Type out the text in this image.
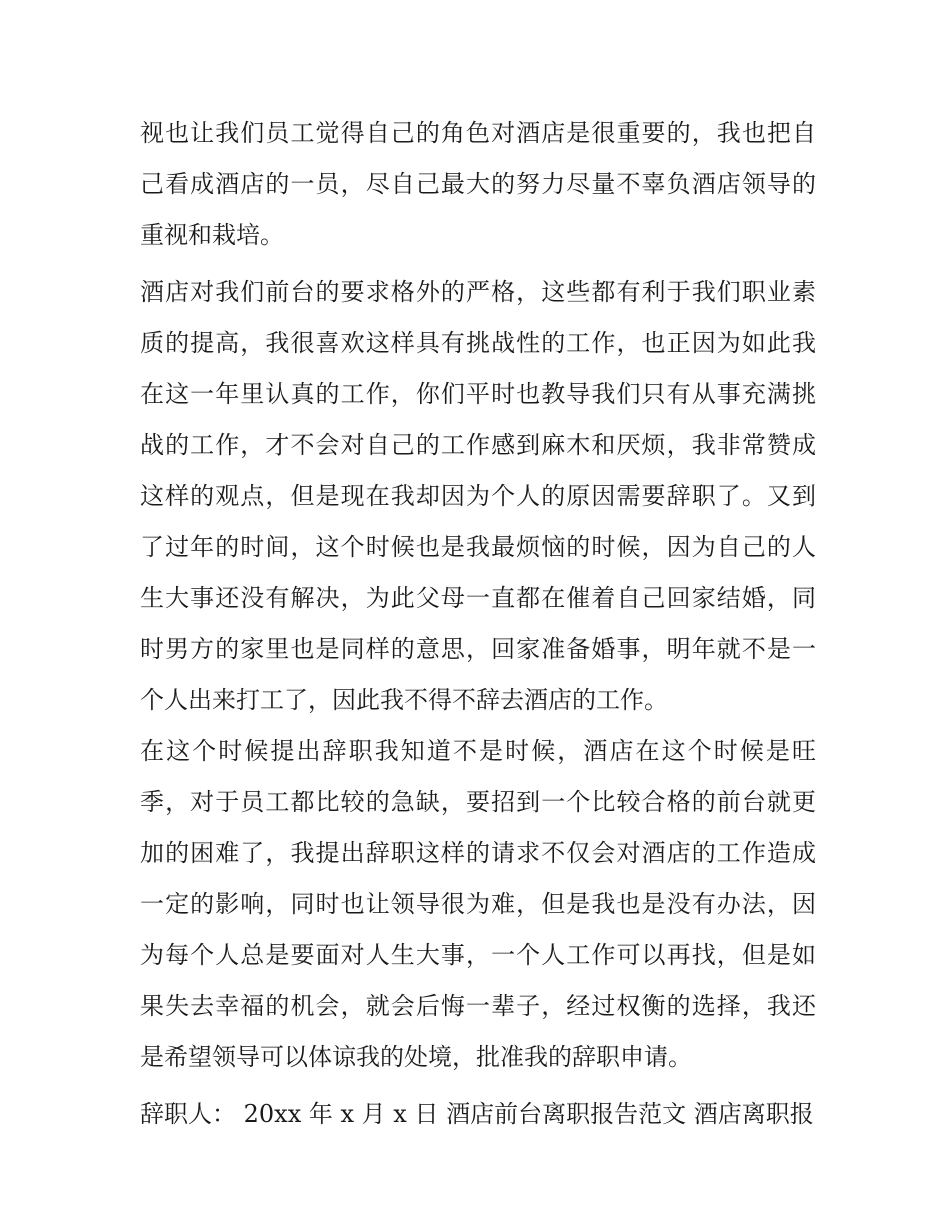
视也让我们员工觉得自己的角色对酒店是很重要的，我也把自
己看成酒店的一员，尽自己最大的努力尽量不辜负酒店领导的
重视和栽培。
酒店对我们前台的要求格外的严格，这些都有利于我们职业素
质的提高，我很喜欢这样具有挑战性的工作，也正因为如此我
在这一年里认真的工作，你们平时也教导我们只有从事充满挑
战的工作，才不会对自己的工作感到麻木和厌烦，我非常赞成
这样的观点，但是现在我却因为个人的原因需要辞职了。又到
了过年的时间，这个时候也是我最烦恼的时候，因为自己的人
生大事还没有解决，为此父母一直都在催着自己回家结婚，同
时男方的家里也是同样的意思，回家准备婚事，明年就不是一
个人出来打工了，因此我不得不辞去酒店的工作。
在这个时候提出辞职我知道不是时候，酒店在这个时候是旺
季，对于员工都比较的急缺，要招到一个比较合格的前台就更
加的困难了，我提出辞职这样的请求不仅会对酒店的工作造成
一定的影响，同时也让领导很为难，但是我也是没有办法，因
为每个人总是要面对人生大事，一个人工作可以再找，但是如
果失去幸福的机会，就会后悔一辈子，经过权衡的选择，我还
是希望领导可以体谅我的处境，批准我的辞职申请。
辞职人： 20xx 年 x 月 x 日 酒店前台离职报告范文 酒店离职报
